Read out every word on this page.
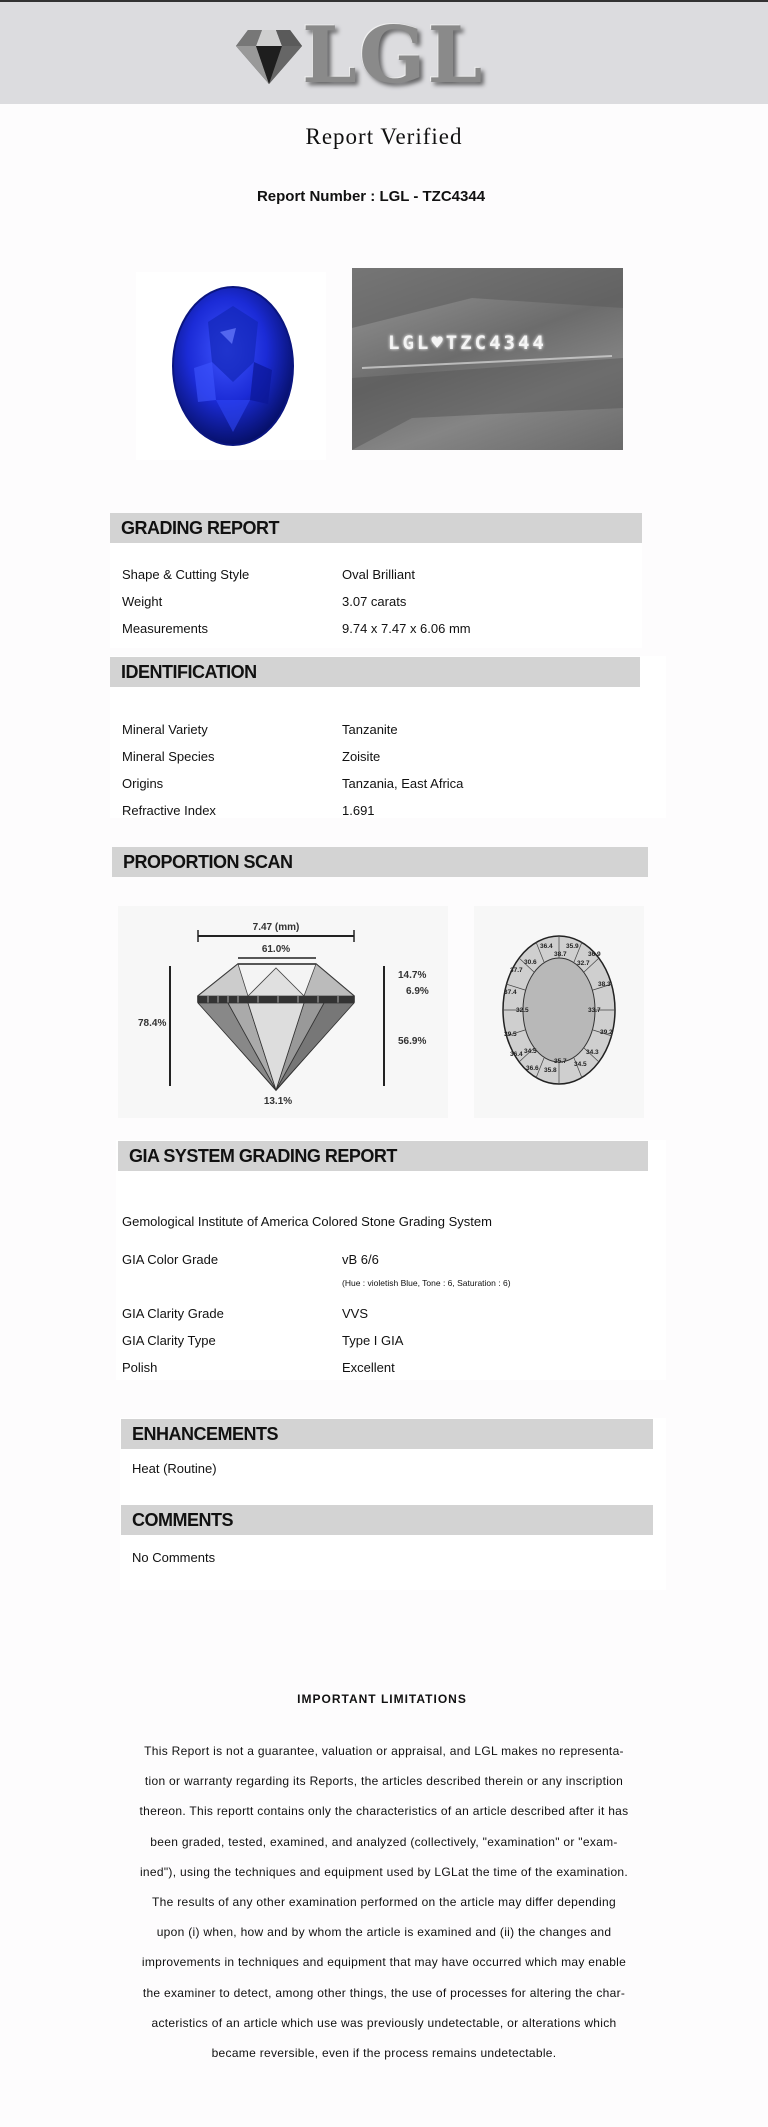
LGL
Report Verified
Report Number : LGL - TZC4344
LGL♥TZC4344
GRADING REPORT
Shape & Cutting Style	Oval Brilliant
Weight	3.07 carats
Measurements	9.74 x 7.47 x 6.06 mm
IDENTIFICATION
Mineral Variety	Tanzanite
Mineral Species	Zoisite
Origins	Tanzania, East Africa
Refractive Index	1.691
PROPORTION SCAN
7.47 (mm)
61.0%
78.4%
14.7%
6.9%
56.9%
13.1%
36.4 35.9
38.7
32.7
36.9
30.6
37.7
37.4
38.3
32.5	33.7
39.5	39.2
36.4 34.5	34.3
35.7
36.6 35.8
34.5
GIA SYSTEM GRADING REPORT
Gemological Institute of America Colored Stone Grading System
GIA Color Grade	vB 6/6
(Hue : violetish Blue, Tone : 6, Saturation : 6)
GIA Clarity Grade	VVS
GIA Clarity Type	Type I GIA
Polish	Excellent
ENHANCEMENTS
Heat (Routine)
COMMENTS
No Comments
IMPORTANT LIMITATIONS
This Report is not a guarantee, valuation or appraisal, and LGL makes no representa-
tion or warranty regarding its Reports, the articles described therein or any inscription
thereon. This reportt contains only the characteristics of an article described after it has
been graded, tested, examined, and analyzed (collectively, "examination" or "exam-
ined"), using the techniques and equipment used by LGLat the time of the examination.
The results of any other examination performed on the article may differ depending
upon (i) when, how and by whom the article is examined and (ii) the changes and
improvements in techniques and equipment that may have occurred which may enable
the examiner to detect, among other things, the use of processes for altering the char-
acteristics of an article which use was previously undetectable, or alterations which
became reversible, even if the process remains undetectable.
